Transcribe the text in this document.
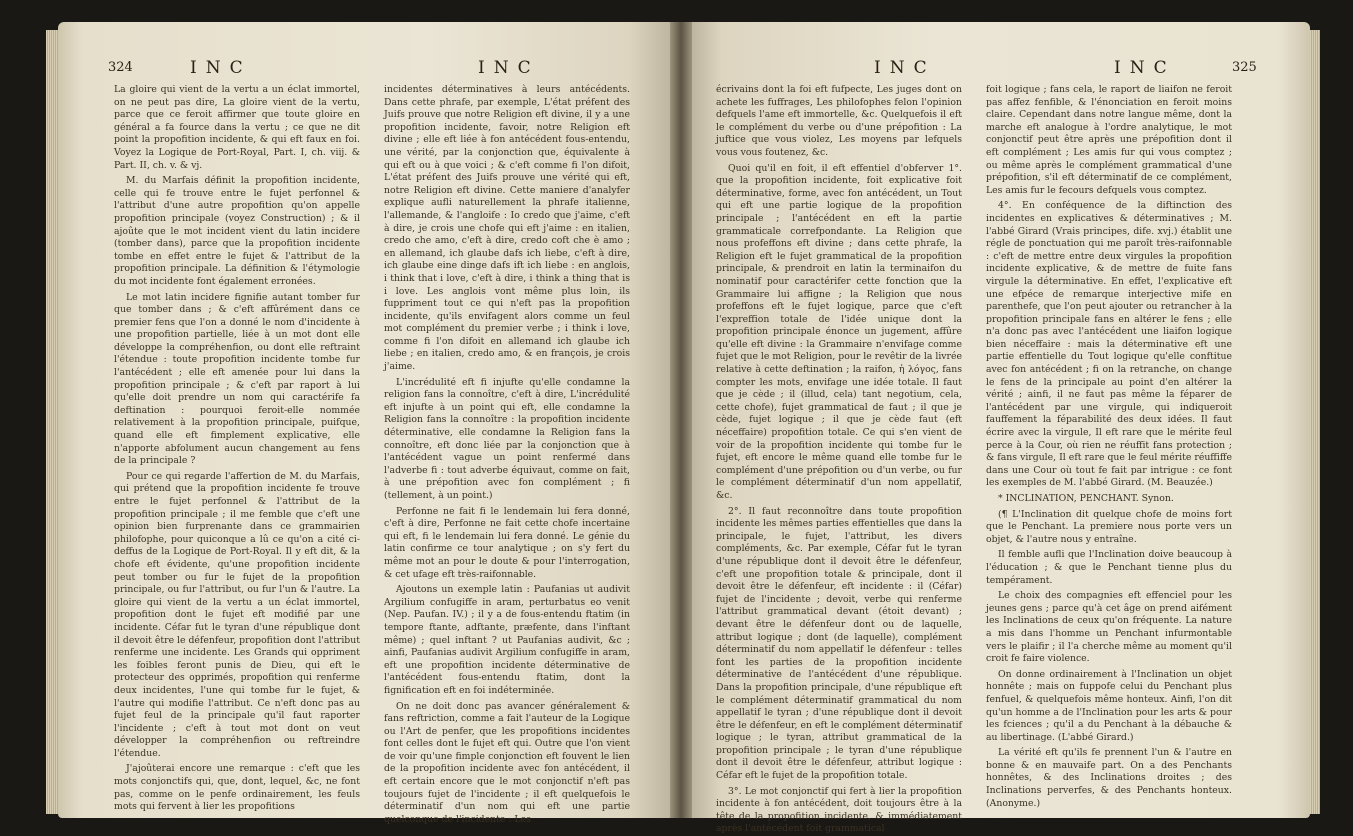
324	INC	INC

La gloire qui vient de la vertu a un éclat immortel, on ne peut pas dire, La gloire vient de la vertu, parce que ce feroit affirmer que toute gloire en général a fa fource dans la vertu ; ce que ne dit point la propofition incidente, & qui eft faux en foi. Voyez la Logique de Port-Royal, Part. I, ch. viij. & Part. II, ch. v. & vj.

M. du Marfais définit la propofition incidente, celle qui fe trouve entre le fujet perfonnel & l'attribut d'une autre propofition qu'on appelle propofition principale (voyez Construction) ; & il ajoûte que le mot incident vient du latin incidere (tomber dans), parce que la propofition incidente tombe en effet entre le fujet & l'attribut de la propofition principale. La définition & l'étymologie du mot incidente font également erronées.

Le mot latin incidere fignifie autant tomber fur que tomber dans ; & c'eft affûrément dans ce premier fens que l'on a donné le nom d'incidente à une propofition partielle, liée à un mot dont elle développe la compréhenfion, ou dont elle reftraint l'étendue : toute propofition incidente tombe fur l'antécédent ; elle eft amenée pour lui dans la propofition principale ; & c'eft par raport à lui qu'elle doit prendre un nom qui caractérife fa deftination : pourquoi feroit-elle nommée relativement à la propofition principale, puifque, quand elle eft fimplement explicative, elle n'apporte abfolument aucun changement au fens de la principale ?

Pour ce qui regarde l'affertion de M. du Marfais, qui prétend que la propofition incidente fe trouve entre le fujet perfonnel & l'attribut de la propofition principale ; il me femble que c'eft une opinion bien furprenante dans ce grammairien philofophe, pour quiconque a lû ce qu'on a cité ci-deffus de la Logique de Port-Royal. Il y eft dit, & la chofe eft évidente, qu'une propofition incidente peut tomber ou fur le fujet de la propofition principale, ou fur l'attribut, ou fur l'un & l'autre. La gloire qui vient de la vertu a un éclat immortel, propofition dont le fujet eft modifié par une incidente. Céfar fut le tyran d'une république dont il devoit être le défenfeur, propofition dont l'attribut renferme une incidente. Les Grands qui oppriment les foibles feront punis de Dieu, qui eft le protecteur des opprimés, propofition qui renferme deux incidentes, l'une qui tombe fur le fujet, & l'autre qui modifie l'attribut. Ce n'eft donc pas au fujet feul de la principale qu'il faut raporter l'incidente ; c'eft à tout mot dont on veut développer la compréhenfion ou reftreindre l'étendue.

J'ajoûterai encore une remarque : c'eft que les mots conjonctifs qui, que, dont, lequel, &c, ne font pas, comme on le penfe ordinairement, les feuls mots qui fervent à lier les propofitions

incidentes déterminatives à leurs antécédents. Dans cette phrafe, par exemple, L'état préfent des Juifs prouve que notre Religion eft divine, il y a une propofition incidente, favoir, notre Religion eft divine ; elle eft liée à fon antécédent fous-entendu, une vérité, par la conjonction que, équivalente à qui eft ou à que voici ; & c'eft comme fi l'on difoit, L'état préfent des Juifs prouve une vérité qui eft, notre Religion eft divine. Cette maniere d'analyfer explique aufli naturellement la phrafe italienne, l'allemande, & l'angloife : Io credo que j'aime, c'eft à dire, je crois une chofe qui eft j'aime : en italien, credo che amo, c'eft à dire, credo coft che è amo ; en allemand, ich glaube dafs ich liebe, c'eft à dire, ich glaube eine dinge dafs ift ich liebe : en anglois, i think that i love, c'eft à dire, i think a thing that is i love. Les anglois vont même plus loin, ils fuppriment tout ce qui n'eft pas la propofition incidente, qu'ils envifagent alors comme un feul mot complément du premier verbe ; i think i love, comme fi l'on difoit en allemand ich glaube ich liebe ; en italien, credo amo, & en françois, je crois j'aime.

L'incrédulité eft fi injufte qu'elle condamne la religion fans la connoître, c'eft à dire, L'incrédulité eft injufte à un point qui eft, elle condamne la Religion fans la connoître : la propofition incidente déterminative, elle condamne la Religion fans la connoître, eft donc liée par la conjonction que à l'antécédent vague un point renfermé dans l'adverbe fi : tout adverbe équivaut, comme on fait, à une prépofition avec fon complément ; fi (tellement, à un point.)

Perfonne ne fait fi le lendemain lui fera donné, c'eft à dire, Perfonne ne fait cette chofe incertaine qui eft, fi le lendemain lui fera donné. Le génie du latin confirme ce tour analytique ; on s'y fert du même mot an pour le doute & pour l'interrogation, & cet ufage eft très-raifonnable.

Ajoutons un exemple latin : Paufanias ut audivit Argilium confugiffe in aram, perturbatus eo venit (Nep. Paufan. IV.) ; il y a de fous-entendu ftatim (in tempore ftante, adftante, præfente, dans l'inftant même) ; quel inftant ? ut Paufanias audivit, &c ; ainfi, Paufanias audivit Argilium confugiffe in aram, eft une propofition incidente déterminative de l'antécédent fous-entendu ftatim, dont la fignification eft en foi indéterminée.

On ne doit donc pas avancer généralement & fans reftriction, comme a fait l'auteur de la Logique ou l'Art de penfer, que les propofitions incidentes font celles dont le fujet eft qui. Outre que l'on vient de voir qu'une fimple conjonction eft fouvent le lien de la propofition incidente avec fon antécédent, il eft certain encore que le mot conjonctif n'eft pas toujours fujet de l'incidente ; il eft quelquefois le déterminatif d'un nom qui eft une partie quelconque de l'incidente : Les

INC	INC	325

écrivains dont la foi eft fufpecte, Les juges dont on achete les fuffrages, Les philofophes felon l'opinion defquels l'ame eft immortelle, &c. Quelquefois il eft le complément du verbe ou d'une prépofition : La juftice que vous violez, Les moyens par lefquels vous vous foutenez, &c.

Quoi qu'il en foit, il eft effentiel d'obferver 1°. que la propofition incidente, foit explicative foit déterminative, forme, avec fon antécédent, un Tout qui eft une partie logique de la propofition principale ; l'antécédent en eft la partie grammaticale correfpondante. La Religion que nous profeffons eft divine ; dans cette phrafe, la Religion eft le fujet grammatical de la propofition principale, & prendroit en latin la terminaifon du nominatif pour caractérifer cette fonction que la Grammaire lui affigne ; la Religion que nous profeffons eft le fujet logique, parce que c'eft l'expreffion totale de l'idée unique dont la propofition principale énonce un jugement, affûre qu'elle eft divine : la Grammaire n'envifage comme fujet que le mot Religion, pour le revêtir de la livrée relative à cette deftination ; la raifon, ἡ λόγος, fans compter les mots, envifage une idée totale. Il faut que je cède ; il (illud, cela) tant negotium, cela, cette chofe), fujet grammatical de faut ; il que je cède, fujet logique ; il que je cède faut (eft néceffaire) propofition totale. Ce qui s'en vient de voir de la propofition incidente qui tombe fur le fujet, eft encore le même quand elle tombe fur le complément d'une prépofition ou d'un verbe, ou fur le complément déterminatif d'un nom appellatif, &c.

2°. Il faut reconnoître dans toute propofition incidente les mêmes parties effentielles que dans la principale, le fujet, l'attribut, les divers compléments, &c. Par exemple, Céfar fut le tyran d'une république dont il devoit être le défenfeur, c'eft une propofition totale & principale, dont il devoit être le défenfeur, eft incidente : il (Céfar) fujet de l'incidente ; devoit, verbe qui renferme l'attribut grammatical devant (étoit devant) ; devant être le défenfeur dont ou de laquelle, attribut logique ; dont (de laquelle), complément déterminatif du nom appellatif le défenfeur : telles font les parties de la propofition incidente déterminative de l'antécédent d'une république. Dans la propofition principale, d'une république eft le complément déterminatif grammatical du nom appellatif le tyran ; d'une république dont il devoit être le défenfeur, en eft le complément déterminatif logique ; le tyran, attribut grammatical de la propofition principale ; le tyran d'une république dont il devoit être le défenfeur, attribut logique : Céfar eft le fujet de la propofition totale.

3°. Le mot conjonctif qui fert à lier la propofition incidente à fon antécédent, doit toujours être à la tête de la propofition incidente, & immédiatement après l'antécédent foit grammatical

foit logique ; fans cela, le raport de liaifon ne feroit pas affez fenfible, & l'énonciation en feroit moins claire. Cependant dans notre langue même, dont la marche eft analogue à l'ordre analytique, le mot conjonctif peut être après une prépofition dont il eft complément ; Les amis fur qui vous comptez ; ou même après le complément grammatical d'une prépofition, s'il eft déterminatif de ce complément, Les amis fur le fecours defquels vous comptez.

4°. En conféquence de la diftinction des incidentes en explicatives & déterminatives ; M. l'abbé Girard (Vrais principes, dife. xvj.) établit une régle de ponctuation qui me paroît très-raifonnable : c'eft de mettre entre deux virgules la propofition incidente explicative, & de mettre de fuite fans virgule la déterminative. En effet, l'explicative eft une efpéce de remarque interjective mife en parenthefe, que l'on peut ajouter ou retrancher à la propofition principale fans en altérer le fens ; elle n'a donc pas avec l'antécédent une liaifon logique bien néceffaire : mais la déterminative eft une partie effentielle du Tout logique qu'elle conftitue avec fon antécédent ; fi on la retranche, on change le fens de la principale au point d'en altérer la vérité ; ainfi, il ne faut pas même la féparer de l'antécédent par une virgule, qui indiqueroit fauffement la féparabilité des deux idées. Il faut écrire avec la virgule, Il eft rare que le mérite feul perce à la Cour, où rien ne réuffit fans protection ; & fans virgule, Il eft rare que le feul mérite réuffiffe dans une Cour où tout fe fait par intrigue : ce font les exemples de M. l'abbé Girard. (M. Beauzée.)

* INCLINATION, PENCHANT. Synon.

(¶ L'Inclination dit quelque chofe de moins fort que le Penchant. La premiere nous porte vers un objet, & l'autre nous y entraîne.

Il femble aufli que l'Inclination doive beaucoup à l'éducation ; & que le Penchant tienne plus du tempérament.

Le choix des compagnies eft effenciel pour les jeunes gens ; parce qu'à cet âge on prend aifément les Inclinations de ceux qu'on fréquente. La nature a mis dans l'homme un Penchant infurmontable vers le plaifir ; il l'a cherche même au moment qu'il croit fe faire violence.

On donne ordinairement à l'Inclination un objet honnête ; mais on fuppofe celui du Penchant plus fenfuel, & quelquefois même honteux. Ainfi, l'on dit qu'un homme a de l'Inclination pour les arts & pour les fciences ; qu'il a du Penchant à la débauche & au libertinage. (L'abbé Girard.)

La vérité eft qu'ils fe prennent l'un & l'autre en bonne & en mauvaife part. On a des Penchants honnêtes, & des Inclinations droites ; des Inclinations perverfes, & des Penchants honteux. (Anonyme.)
